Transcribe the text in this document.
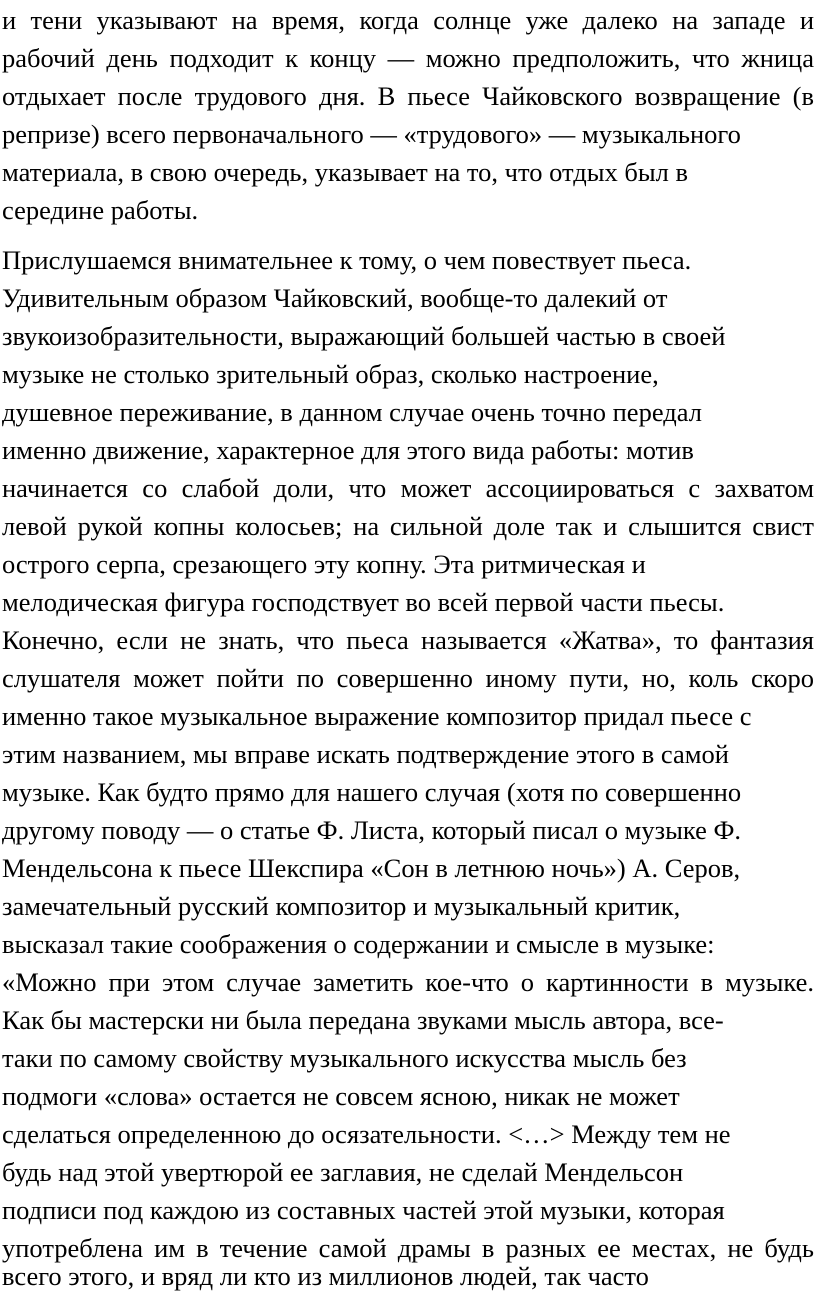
и тени указывают на время, когда солнце уже далеко на западе и
рабочий день подходит к концу — можно предположить, что жница
отдыхает после трудового дня. В пьесе Чайковского возвращение (в
репризе) всего первоначального — «трудового» — музыкального
материала, в свою очередь, указывает на то, что отдых был в
середине работы.
Прислушаемся внимательнее к тому, о чем повествует пьеса.
Удивительным образом Чайковский, вообще-то далекий от
звукоизобразительности, выражающий большей частью в своей
музыке не столько зрительный образ, сколько настроение,
душевное переживание, в данном случае очень точно передал
именно движение, характерное для этого вида работы: мотив
начинается со слабой доли, что может ассоциироваться с захватом
левой рукой копны колосьев; на сильной доле так и слышится свист
острого серпа, срезающего эту копну. Эта ритмическая и
мелодическая фигура господствует во всей первой части пьесы.
Конечно, если не знать, что пьеса называется «Жатва», то фантазия
слушателя может пойти по совершенно иному пути, но, коль скоро
именно такое музыкальное выражение композитор придал пьесе с
этим названием, мы вправе искать подтверждение этого в самой
музыке. Как будто прямо для нашего случая (хотя по совершенно
другому поводу — о статье Ф. Листа, который писал о музыке Ф.
Мендельсона к пьесе Шекспира «Сон в летнюю ночь») А. Серов,
замечательный русский композитор и музыкальный критик,
высказал такие соображения о содержании и смысле в музыке:
«Можно при этом случае заметить кое-что о картинности в музыке.
Как бы мастерски ни была передана звуками мысль автора, все-
таки по самому свойству музыкального искусства мысль без
подмоги «слова» остается не совсем ясною, никак не может
сделаться определенною до осязательности. <…> Между тем не
будь над этой увертюрой ее заглавия, не сделай Мендельсон
подписи под каждою из составных частей этой музыки, которая
употреблена им в течение самой драмы в разных ее местах, не будь
всего этого, и вряд ли кто из миллионов людей, так часто
